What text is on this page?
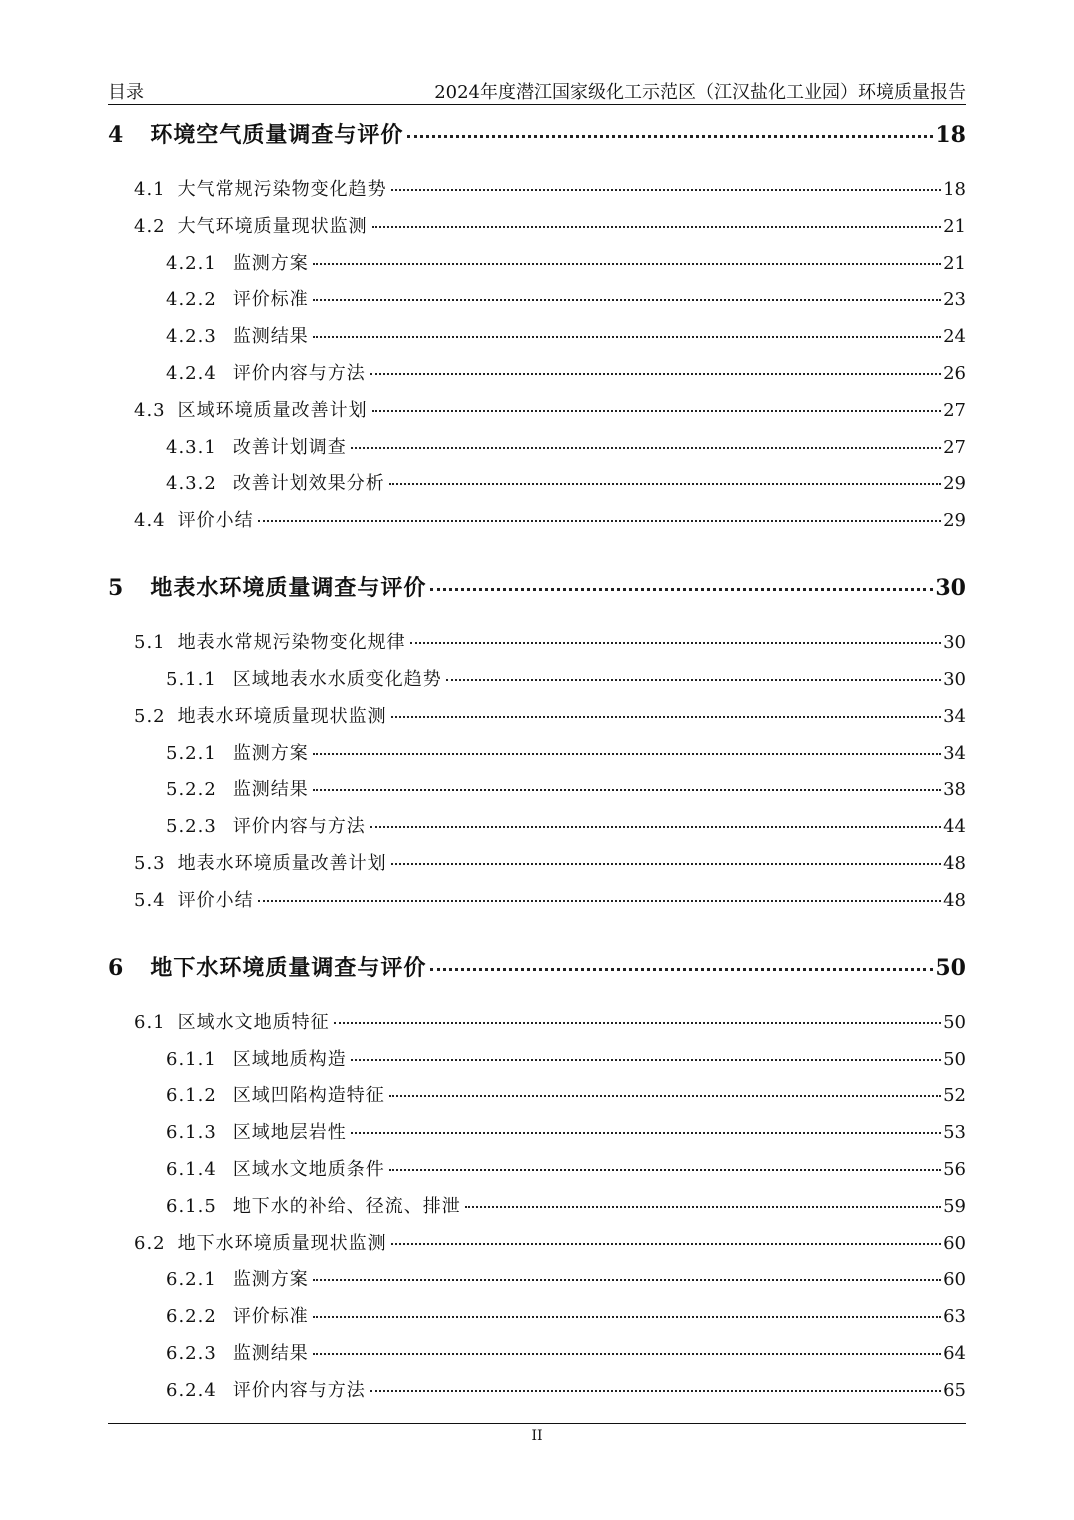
目录	2024年度潜江国家级化工示范区（江汉盐化工业园）环境质量报告
4 环境空气质量调查与评价	18
4.1 大气常规污染物变化趋势	18
4.2 大气环境质量现状监测	21
4.2.1 监测方案	21
4.2.2 评价标准	23
4.2.3 监测结果	24
4.2.4 评价内容与方法	26
4.3 区域环境质量改善计划	27
4.3.1 改善计划调查	27
4.3.2 改善计划效果分析	29
4.4 评价小结	29
5 地表水环境质量调查与评价	30
5.1 地表水常规污染物变化规律	30
5.1.1 区域地表水水质变化趋势	30
5.2 地表水环境质量现状监测	34
5.2.1 监测方案	34
5.2.2 监测结果	38
5.2.3 评价内容与方法	44
5.3 地表水环境质量改善计划	48
5.4 评价小结	48
6 地下水环境质量调查与评价	50
6.1 区域水文地质特征	50
6.1.1 区域地质构造	50
6.1.2 区域凹陷构造特征	52
6.1.3 区域地层岩性	53
6.1.4 区域水文地质条件	56
6.1.5 地下水的补给、径流、排泄	59
6.2 地下水环境质量现状监测	60
6.2.1 监测方案	60
6.2.2 评价标准	63
6.2.3 监测结果	64
6.2.4 评价内容与方法	65
II
